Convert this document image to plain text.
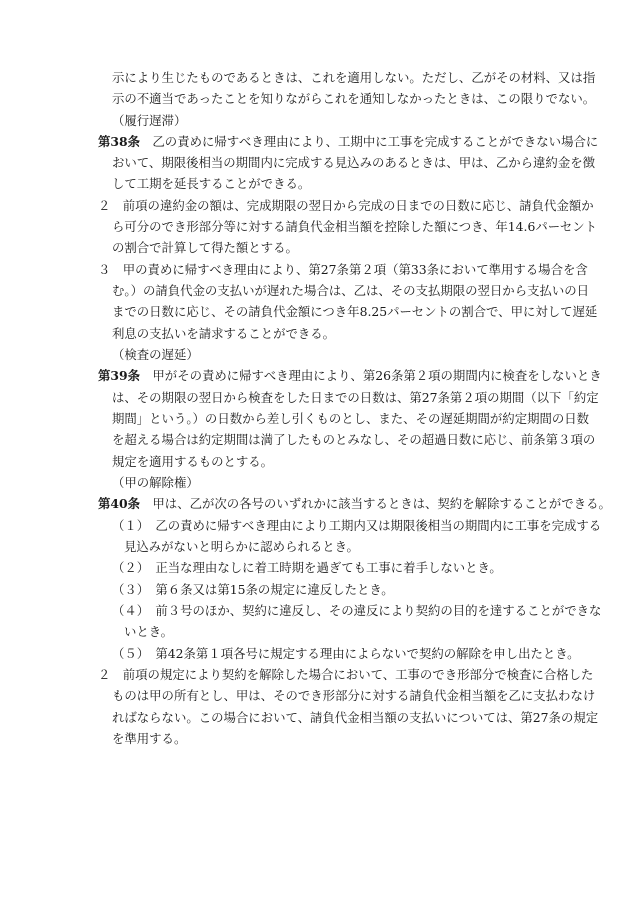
示により生じたものであるときは、これを適用しない。ただし、乙がその材料、又は指
示の不適当であったことを知りながらこれを通知しなかったときは、この限りでない。
（履行遅滞）
第38条　乙の責めに帰すべき理由により、工期中に工事を完成することができない場合に
おいて、期限後相当の期間内に完成する見込みのあるときは、甲は、乙から違約金を徴
して工期を延長することができる。
２　前項の違約金の額は、完成期限の翌日から完成の日までの日数に応じ、請負代金額か
ら可分のでき形部分等に対する請負代金相当額を控除した額につき、年14.6パーセント
の割合で計算して得た額とする。
３　甲の責めに帰すべき理由により、第27条第２項（第33条において準用する場合を含
む。）の請負代金の支払いが遅れた場合は、乙は、その支払期限の翌日から支払いの日
までの日数に応じ、その請負代金額につき年8.25パーセントの割合で、甲に対して遅延
利息の支払いを請求することができる。
（検査の遅延）
第39条　甲がその責めに帰すべき理由により、第26条第２項の期間内に検査をしないとき
は、その期限の翌日から検査をした日までの日数は、第27条第２項の期間（以下「約定
期間」という。）の日数から差し引くものとし、また、その遅延期間が約定期間の日数
を超える場合は約定期間は満了したものとみなし、その超過日数に応じ、前条第３項の
規定を適用するものとする。
（甲の解除権）
第40条　甲は、乙が次の各号のいずれかに該当するときは、契約を解除することができる。
（１）　乙の責めに帰すべき理由により工期内又は期限後相当の期間内に工事を完成する
見込みがないと明らかに認められるとき。
（２）　正当な理由なしに着工時期を過ぎても工事に着手しないとき。
（３）　第６条又は第15条の規定に違反したとき。
（４）　前３号のほか、契約に違反し、その違反により契約の目的を達することができな
いとき。
（５）　第42条第１項各号に規定する理由によらないで契約の解除を申し出たとき。
２　前項の規定により契約を解除した場合において、工事のでき形部分で検査に合格した
ものは甲の所有とし、甲は、そのでき形部分に対する請負代金相当額を乙に支払わなけ
ればならない。この場合において、請負代金相当額の支払いについては、第27条の規定
を準用する。
